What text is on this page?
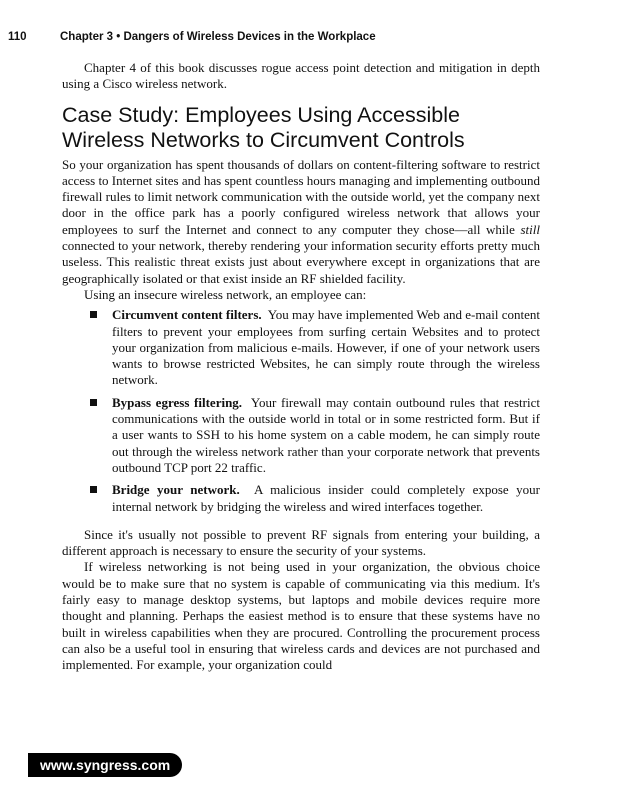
110	Chapter 3 • Dangers of Wireless Devices in the Workplace

Chapter 4 of this book discusses rogue access point detection and mitigation in depth using a Cisco wireless network.

Case Study: Employees Using Accessible Wireless Networks to Circumvent Controls

So your organization has spent thousands of dollars on content-filtering software to restrict access to Internet sites and has spent countless hours managing and implementing outbound firewall rules to limit network communication with the outside world, yet the company next door in the office park has a poorly configured wireless network that allows your employees to surf the Internet and connect to any computer they chose—all while still connected to your network, thereby rendering your information security efforts pretty much useless. This realistic threat exists just about everywhere except in organizations that are geographically isolated or that exist inside an RF shielded facility.

Using an insecure wireless network, an employee can:

Circumvent content filters. You may have implemented Web and e-mail content filters to prevent your employees from surfing certain Websites and to protect your organization from malicious e-mails. However, if one of your network users wants to browse restricted Websites, he can simply route through the wireless network.
Bypass egress filtering. Your firewall may contain outbound rules that restrict communications with the outside world in total or in some restricted form. But if a user wants to SSH to his home system on a cable modem, he can simply route out through the wireless network rather than your corporate network that prevents outbound TCP port 22 traffic.
Bridge your network. A malicious insider could completely expose your internal network by bridging the wireless and wired interfaces together.

Since it's usually not possible to prevent RF signals from entering your building, a different approach is necessary to ensure the security of your systems.

If wireless networking is not being used in your organization, the obvious choice would be to make sure that no system is capable of communicating via this medium. It's fairly easy to manage desktop systems, but laptops and mobile devices require more thought and planning. Perhaps the easiest method is to ensure that these systems have no built in wireless capabilities when they are procured. Controlling the procurement process can also be a useful tool in ensuring that wireless cards and devices are not purchased and implemented. For example, your organization could

www.syngress.com
